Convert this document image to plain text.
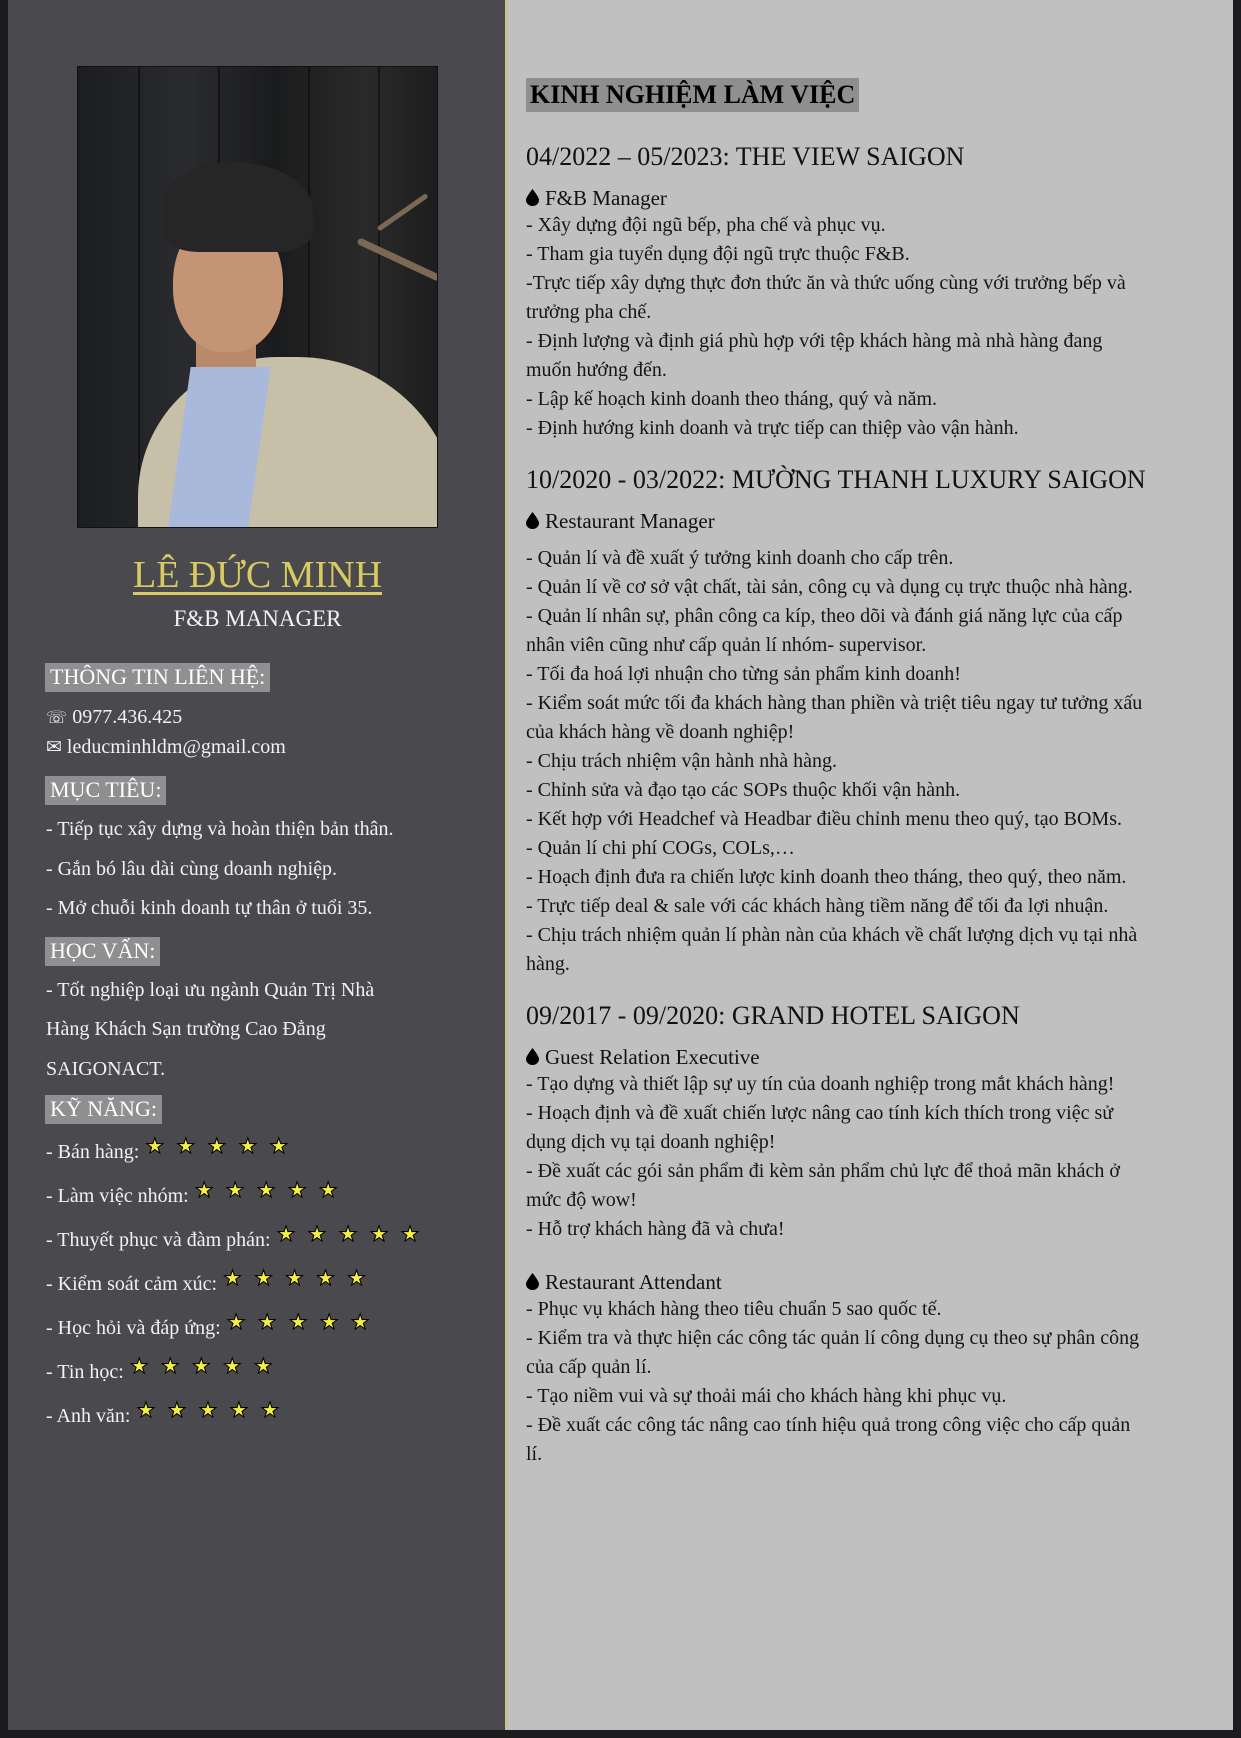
LÊ ĐỨC MINH
F&B MANAGER
THÔNG TIN LIÊN HỆ:
☏ 0977.436.425
✉ leducminhldm@gmail.com
MỤC TIÊU:
- Tiếp tục xây dựng và hoàn thiện bản thân.
- Gắn bó lâu dài cùng doanh nghiệp.
- Mở chuỗi kinh doanh tự thân ở tuổi 35.
HỌC VẤN:
- Tốt nghiệp loại ưu ngành Quản Trị Nhà
Hàng Khách Sạn trường Cao Đẳng
SAIGONACT.
KỸ NĂNG:
- Bán hàng: ★ ★ ★ ★ ★
- Làm việc nhóm: ★ ★ ★ ★ ★
- Thuyết phục và đàm phán: ★ ★ ★ ★ ★
- Kiểm soát cảm xúc: ★ ★ ★ ★ ★
- Học hỏi và đáp ứng: ★ ★ ★ ★ ★
- Tin học: ★ ★ ★ ★ ★
- Anh văn: ★ ★ ★ ★ ★
KINH NGHIỆM LÀM VIỆC
04/2022 – 05/2023: THE VIEW SAIGON
F&B Manager
- Xây dựng đội ngũ bếp, pha chế và phục vụ.
- Tham gia tuyển dụng đội ngũ trực thuộc F&B.
-Trực tiếp xây dựng thực đơn thức ăn và thức uống cùng với trưởng bếp và
trưởng pha chế.
- Định lượng và định giá phù hợp với tệp khách hàng mà nhà hàng đang
muốn hướng đến.
- Lập kế hoạch kinh doanh theo tháng, quý và năm.
- Định hướng kinh doanh và trực tiếp can thiệp vào vận hành.
10/2020 - 03/2022: MƯỜNG THANH LUXURY SAIGON
Restaurant Manager
- Quản lí và đề xuất ý tưởng kinh doanh cho cấp trên.
- Quản lí về cơ sở vật chất, tài sản, công cụ và dụng cụ trực thuộc nhà hàng.
- Quản lí nhân sự, phân công ca kíp, theo dõi và đánh giá năng lực của cấp
nhân viên cũng như cấp quản lí nhóm- supervisor.
- Tối đa hoá lợi nhuận cho từng sản phẩm kinh doanh!
- Kiểm soát mức tối đa khách hàng than phiền và triệt tiêu ngay tư tưởng xấu
của khách hàng về doanh nghiệp!
- Chịu trách nhiệm vận hành nhà hàng.
- Chỉnh sửa và đạo tạo các SOPs thuộc khối vận hành.
- Kết hợp với Headchef và Headbar điều chỉnh menu theo quý, tạo BOMs.
- Quản lí chi phí COGs, COLs,…
- Hoạch định đưa ra chiến lược kinh doanh theo tháng, theo quý, theo năm.
- Trực tiếp deal & sale với các khách hàng tiềm năng để tối đa lợi nhuận.
- Chịu trách nhiệm quản lí phàn nàn của khách về chất lượng dịch vụ tại nhà
hàng.
09/2017 - 09/2020: GRAND HOTEL SAIGON
Guest Relation Executive
- Tạo dựng và thiết lập sự uy tín của doanh nghiệp trong mắt khách hàng!
- Hoạch định và đề xuất chiến lược nâng cao tính kích thích trong việc sử
dụng dịch vụ tại doanh nghiệp!
- Đề xuất các gói sản phẩm đi kèm sản phẩm chủ lực để thoả mãn khách ở
mức độ wow!
- Hỗ trợ khách hàng đã và chưa!
Restaurant Attendant
- Phục vụ khách hàng theo tiêu chuẩn 5 sao quốc tế.
- Kiểm tra và thực hiện các công tác quản lí công dụng cụ theo sự phân công
của cấp quản lí.
- Tạo niềm vui và sự thoải mái cho khách hàng khi phục vụ.
- Đề xuất các công tác nâng cao tính hiệu quả trong công việc cho cấp quản
lí.
